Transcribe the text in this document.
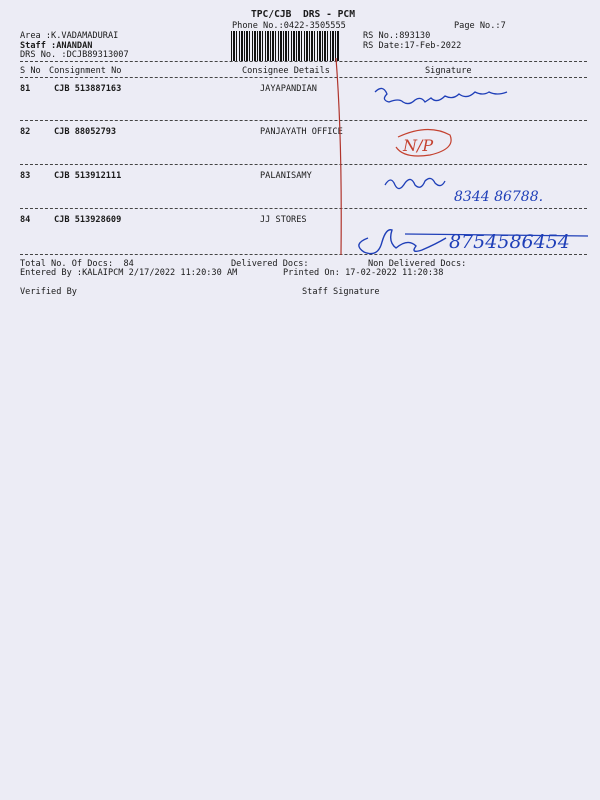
TPC/CJB  DRS - PCM
Phone No.:0422-3505555	Page No.:7
Area :K.VADAMADURAI
Staff :ANANDAN
DRS No. :DCJB89313007
RS No.:893130
RS Date:17-Feb-2022
S No Consignment No	Consignee Details	Signature
81	CJB 513887163	JAYAPANDIAN
82	CJB 88052793	PANJAYATH OFFICE
83	CJB 513912111	PALANISAMY
84	CJB 513928609	JJ STORES
Total No. Of Docs:  84	Delivered Docs:	Non Delivered Docs:
Entered By :KALAIPCM 2/17/2022 11:20:30 AM	Printed On: 17-02-2022 11:20:38
Verified By	Staff Signature
N/P
8344 86788.
8754586454
